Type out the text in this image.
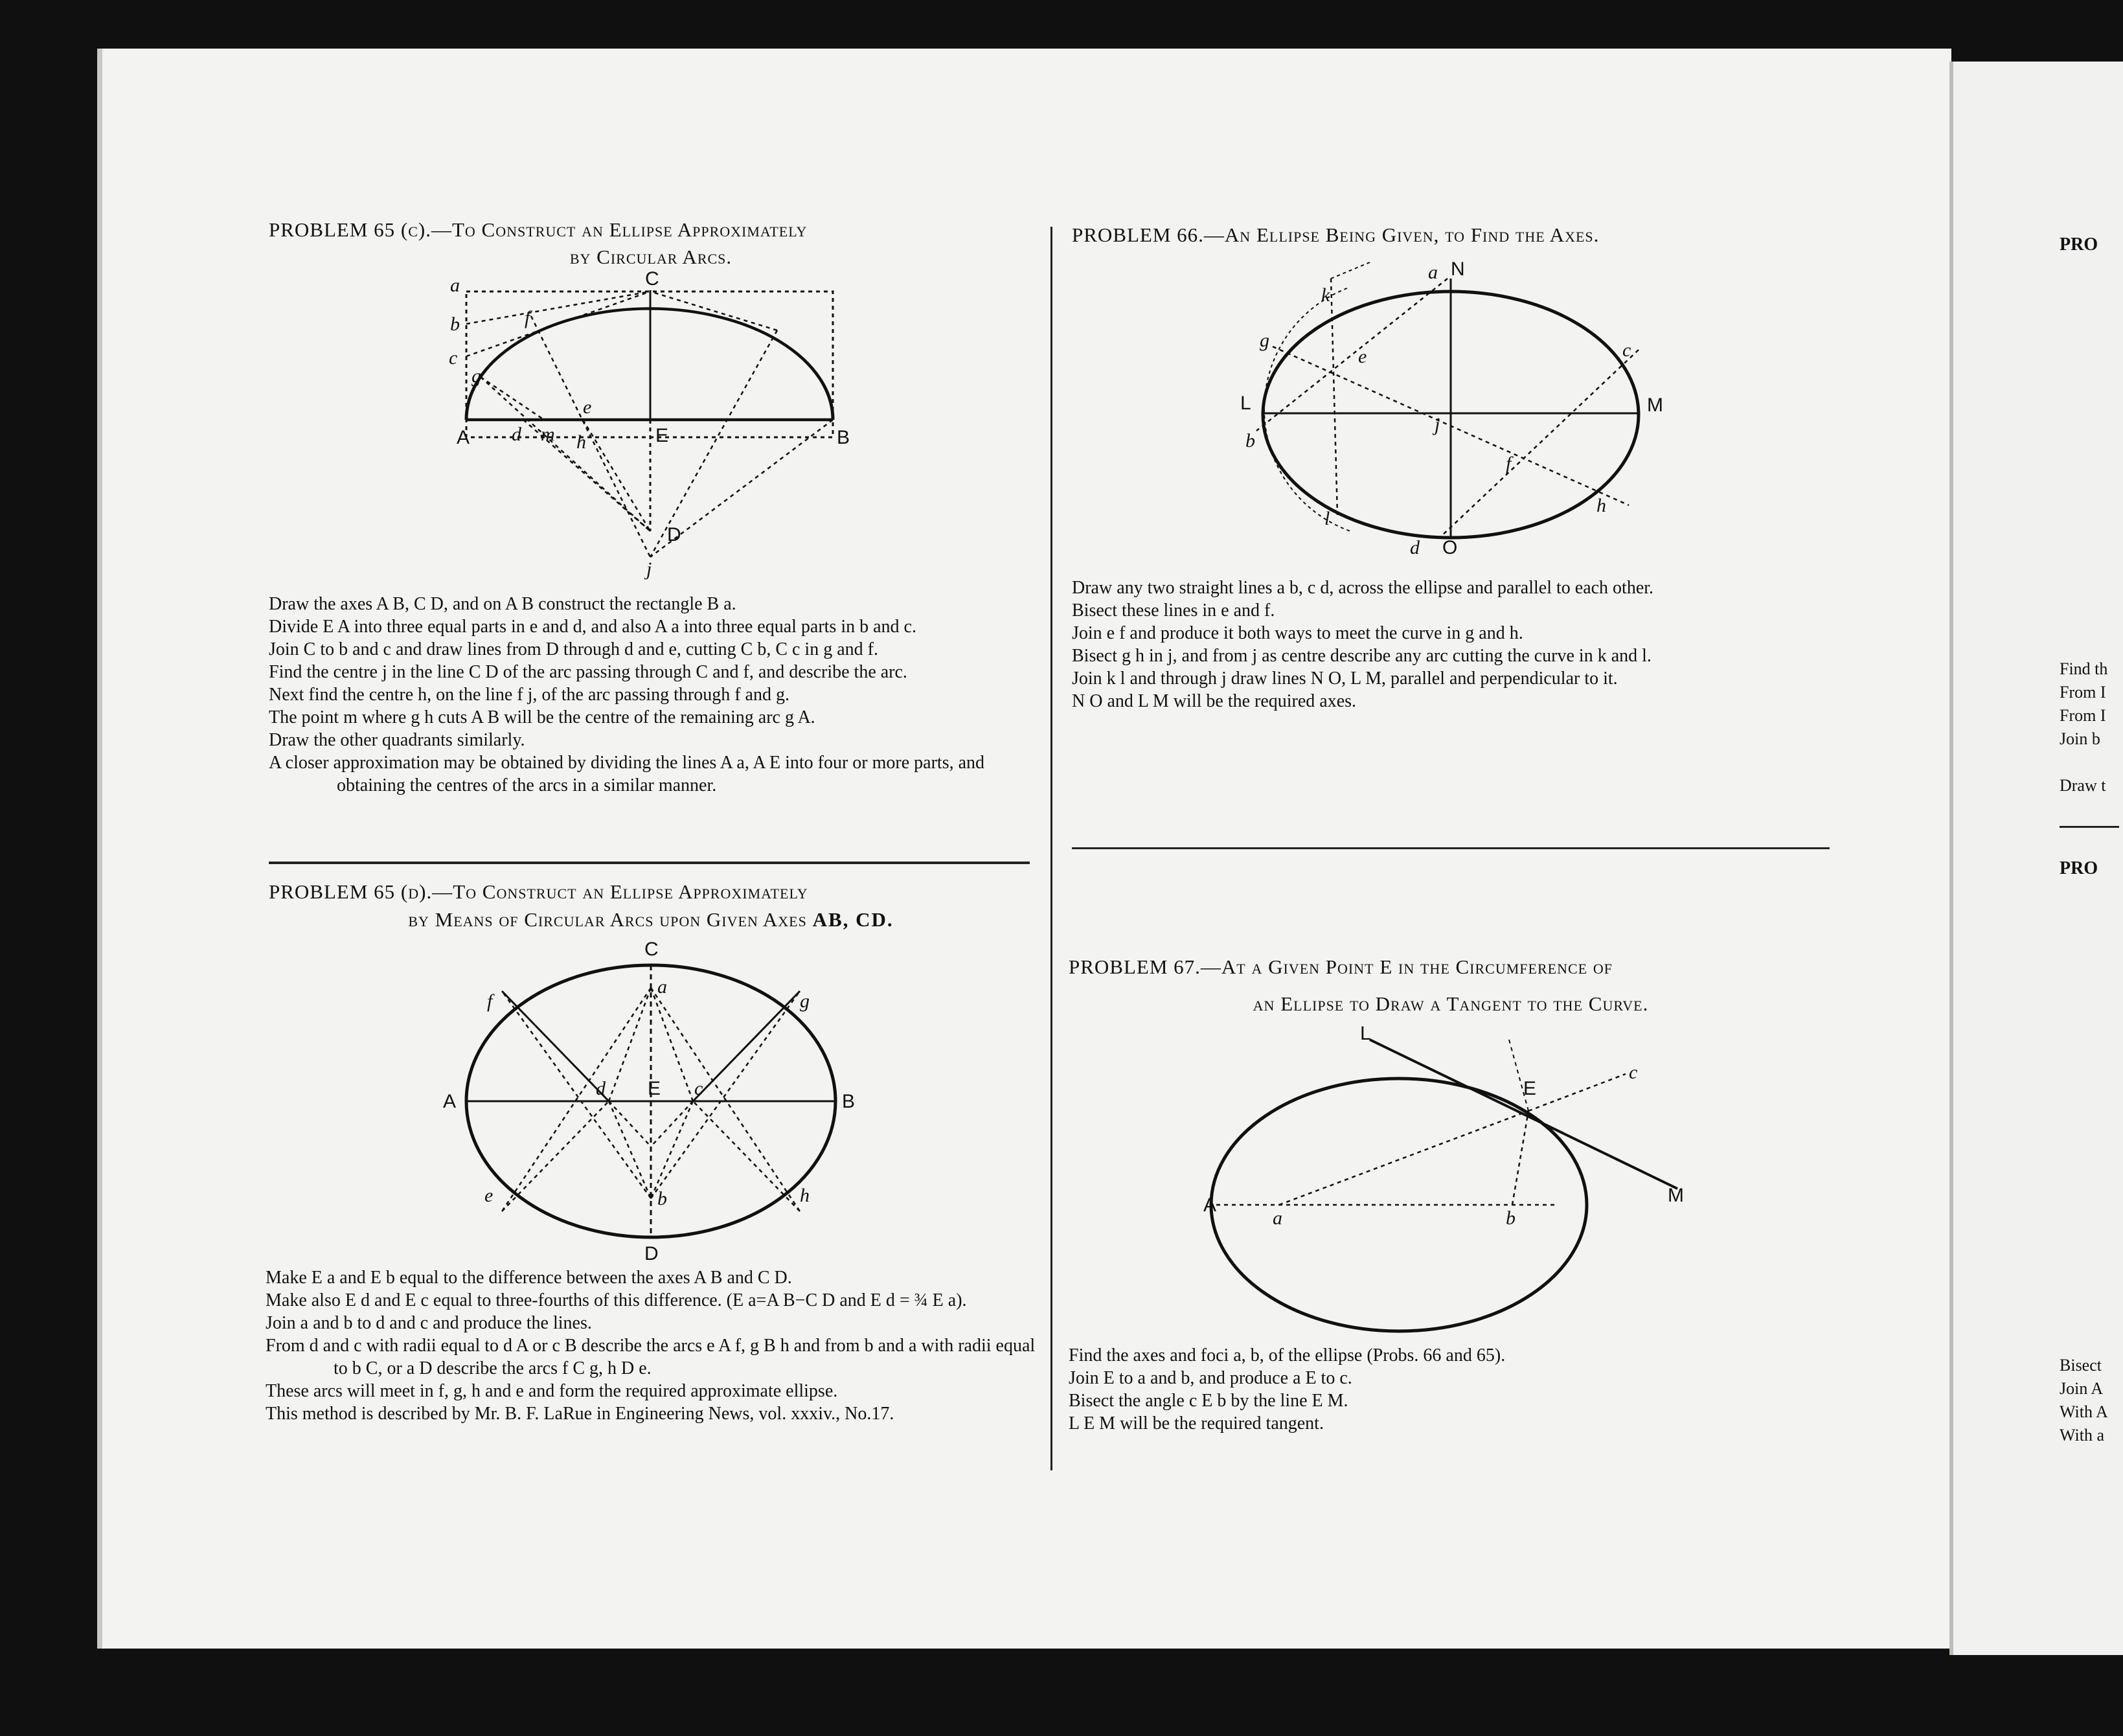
PROBLEM 65 (c).—To Construct an Ellipse Approximately
by Circular Arcs.
a
b
c
g
f
C
A d m
e
h	E	B
D
j

Draw the axes A B, C D, and on A B construct the rectangle B a.

Divide E A into three equal parts in e and d, and also A a into three equal parts in b and c.

Join C to b and c and draw lines from D through d and e, cutting C b, C c in g and f.

Find the centre j in the line C D of the arc passing through C and f, and describe the arc.

Next find the centre h, on the line f j, of the arc passing through f and g.

The point m where g h cuts A B will be the centre of the remaining arc g A.

Draw the other quadrants similarly.

A closer approximation may be obtained by dividing the lines A a, A E into four or more parts, and obtaining the centres of the arcs in a similar manner.

PROBLEM 65 (d).—To Construct an Ellipse Approximately
by Means of Circular Arcs upon Given Axes AB, CD.
C
a
f	g
A
d E c
B
e	b	h
D

Make E a and E b equal to the difference between the axes A B and C D.

Make also E d and E c equal to three-fourths of this difference. (E a=A B−C D and E d = ¾ E a).

Join a and b to d and c and produce the lines.

From d and c with radii equal to d A or c B describe the arcs e A f, g B h and from b and a with radii equal to b C, or a D describe the arcs f C g, h D e.

These arcs will meet in f, g, h and e and form the required approximate ellipse.

This method is described by Mr. B. F. LaRue in Engineering News, vol. xxxiv., No.17.

PROBLEM 66.—An Ellipse Being Given, to Find the Axes.
a N
k
g
e	c
L	M
b
j
f
h
l
d O

Draw any two straight lines a b, c d, across the ellipse and parallel to each other.

Bisect these lines in e and f.

Join e f and produce it both ways to meet the curve in g and h.

Bisect g h in j, and from j as centre describe any arc cutting the curve in k and l.

Join k l and through j draw lines N O, L M, parallel and perpendicular to it.

N O and L M will be the required axes.

PROBLEM 67.—At a Given Point E in the Circumference of
an Ellipse to Draw a Tangent to the Curve.
L
E
c
A
a	b
M

Find the axes and foci a, b, of the ellipse (Probs. 66 and 65).

Join E to a and b, and produce a E to c.

Bisect the angle c E b by the line E M.

L E M will be the required tangent.

PRO
Find th
From I
From I
Join b
Draw t
PRO
Bisect
Join A
With A
With a
